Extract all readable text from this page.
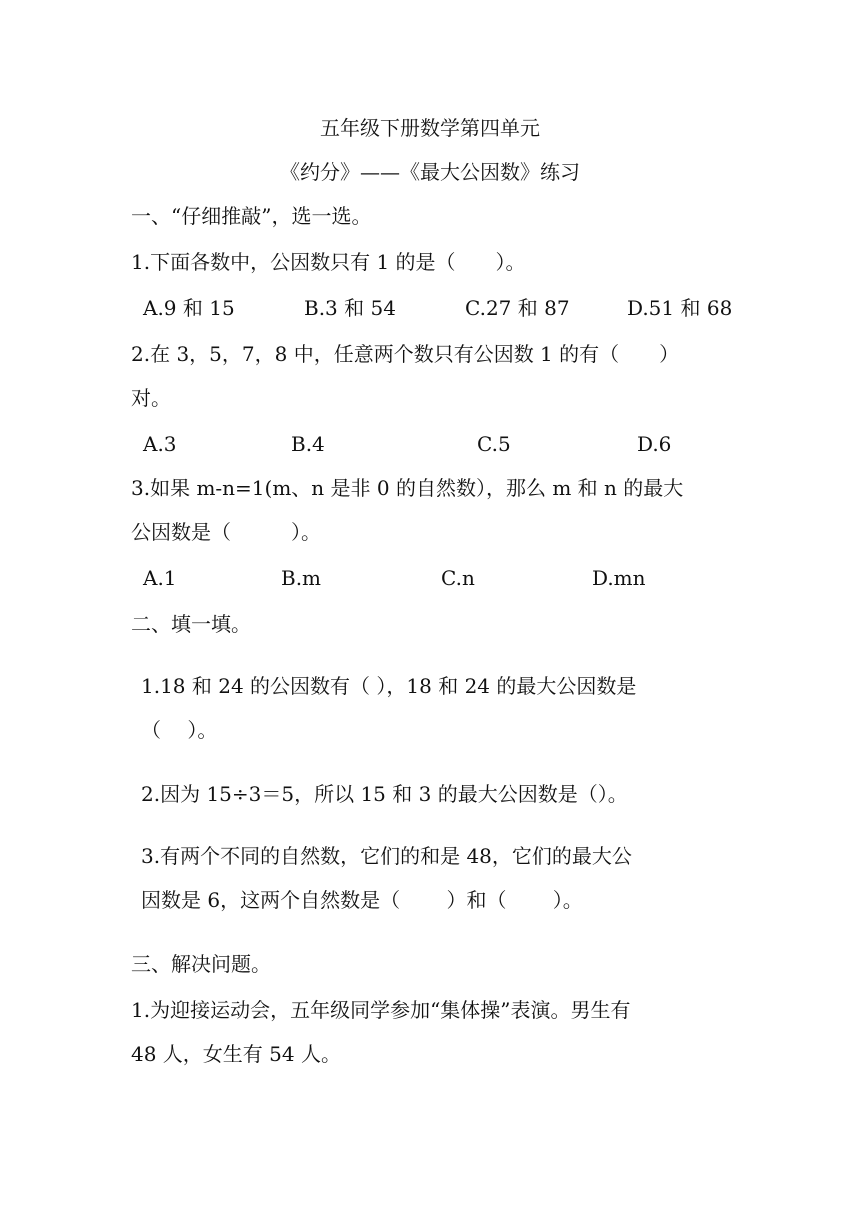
五年级下册数学第四单元
《约分》——《最大公因数》练习
一、“仔细推敲”，选一选。
1.下面各数中，公因数只有 1 的是（　　）。
A.9 和 15	B.3 和 54	C.27 和 87	D.51 和 68
2.在 3，5，7，8 中，任意两个数只有公因数 1 的有（　　）
对。
A.3	B.4	C.5	D.6
3.如果 m-n=1(m、n 是非 0 的自然数），那么 m 和 n 的最大
公因数是（　　　）。
A.1	B.m	C.n	D.mn
二、填一填。
1.18 和 24 的公因数有（ ），18 和 24 的最大公因数是
（　 ）。
2.因为 15÷3＝5，所以 15 和 3 的最大公因数是（）。
3.有两个不同的自然数，它们的和是 48，它们的最大公
因数是 6，这两个自然数是（　　 ）和（　　 ）。
三、解决问题。
1.为迎接运动会，五年级同学参加“集体操”表演。男生有
48 人，女生有 54 人。
